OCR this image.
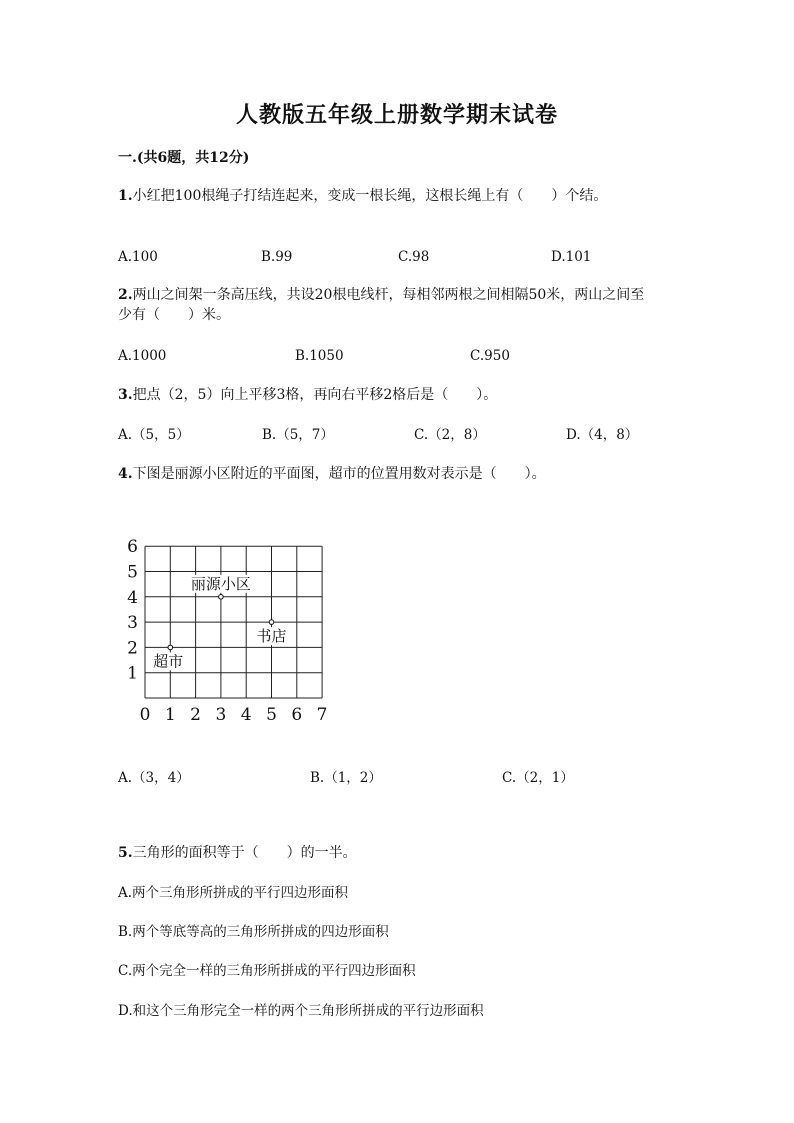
人教版五年级上册数学期末试卷
一.(共6题，共12分)
1.小红把100根绳子打结连起来，变成一根长绳，这根长绳上有（　　）个结。
A.100	B.99	C.98	D.101
2.两山之间架一条高压线，共设20根电线杆，每相邻两根之间相隔50米，两山之间至少有（　　）米。
A.1000	B.1050	C.950
3.把点（2，5）向上平移3格，再向右平移2格后是（　　）。
A.（5，5）	B.（5，7）	C.（2，8）	D.（4，8）
4.下图是丽源小区附近的平面图，超市的位置用数对表示是（　　）。
0 1 2 3 4 5 6 7
1
2
3
4
5
6
丽源小区
书店
超市
A.（3，4）	B.（1，2）	C.（2，1）
5.三角形的面积等于（　　）的一半。
A.两个三角形所拼成的平行四边形面积
B.两个等底等高的三角形所拼成的四边形面积
C.两个完全一样的三角形所拼成的平行四边形面积
D.和这个三角形完全一样的两个三角形所拼成的平行边形面积
